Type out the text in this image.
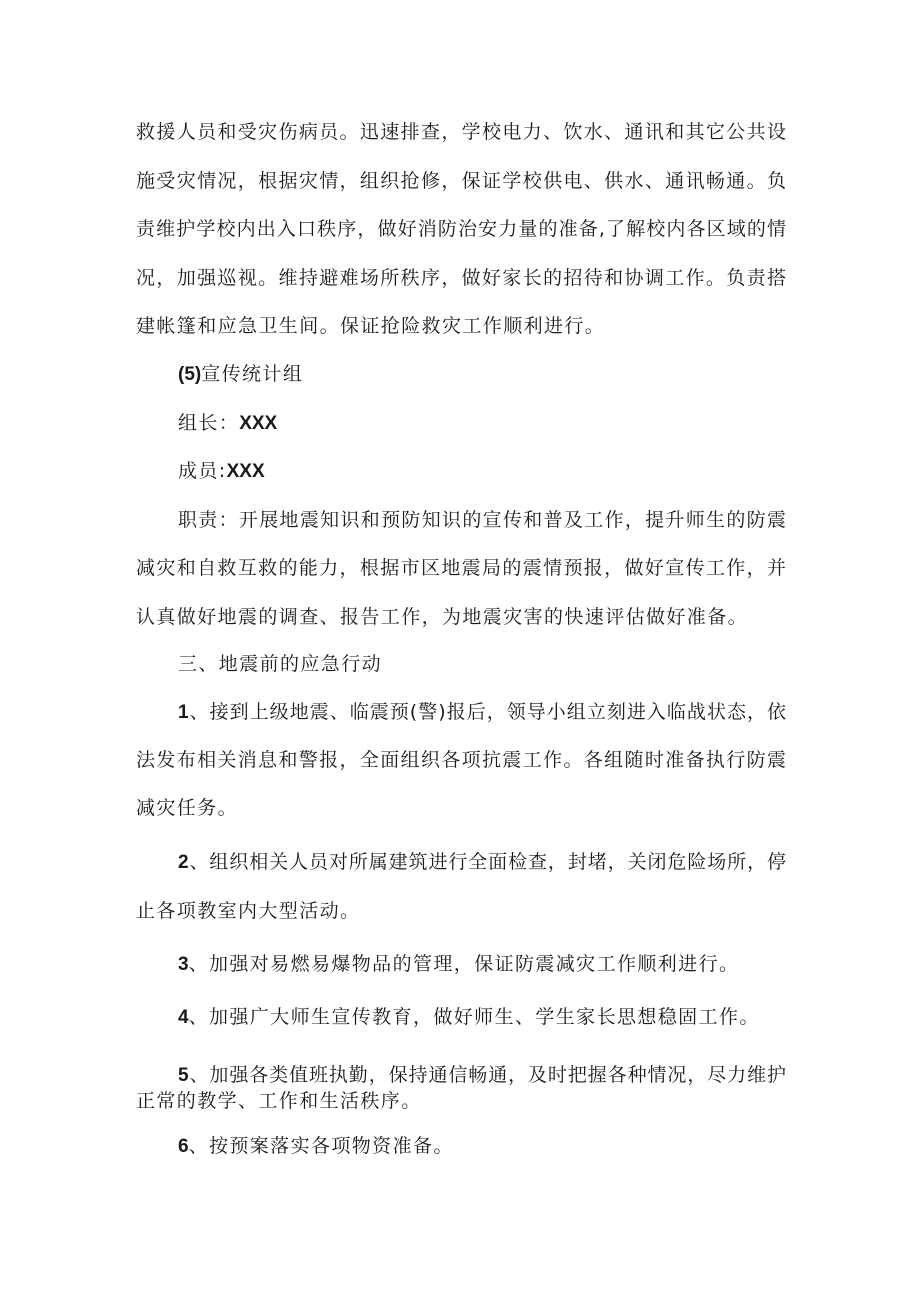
救援人员和受灾伤病员。迅速排查，学校电力、饮水、通讯和其它公共设
施受灾情况，根据灾情，组织抢修，保证学校供电、供水、通讯畅通。负
责维护学校内出入口秩序，做好消防治安力量的准备,了解校内各区域的情
况，加强巡视。维持避难场所秩序，做好家长的招待和协调工作。负责搭
建帐篷和应急卫生间。保证抢险救灾工作顺利进行。
(5)宣传统计组
组长：XXX
成员:XXX
职责：开展地震知识和预防知识的宣传和普及工作，提升师生的防震
减灾和自救互救的能力，根据市区地震局的震情预报，做好宣传工作，并
认真做好地震的调查、报告工作，为地震灾害的快速评估做好准备。
三、地震前的应急行动
1、接到上级地震、临震预(警)报后，领导小组立刻进入临战状态，依
法发布相关消息和警报，全面组织各项抗震工作。各组随时准备执行防震
减灾任务。
2、组织相关人员对所属建筑进行全面检查，封堵，关闭危险场所，停
止各项教室内大型活动。
3、加强对易燃易爆物品的管理，保证防震减灾工作顺利进行。
4、加强广大师生宣传教育，做好师生、学生家长思想稳固工作。
5、加强各类值班执勤，保持通信畅通，及时把握各种情况，尽力维护
正常的教学、工作和生活秩序。
6、按预案落实各项物资准备。
